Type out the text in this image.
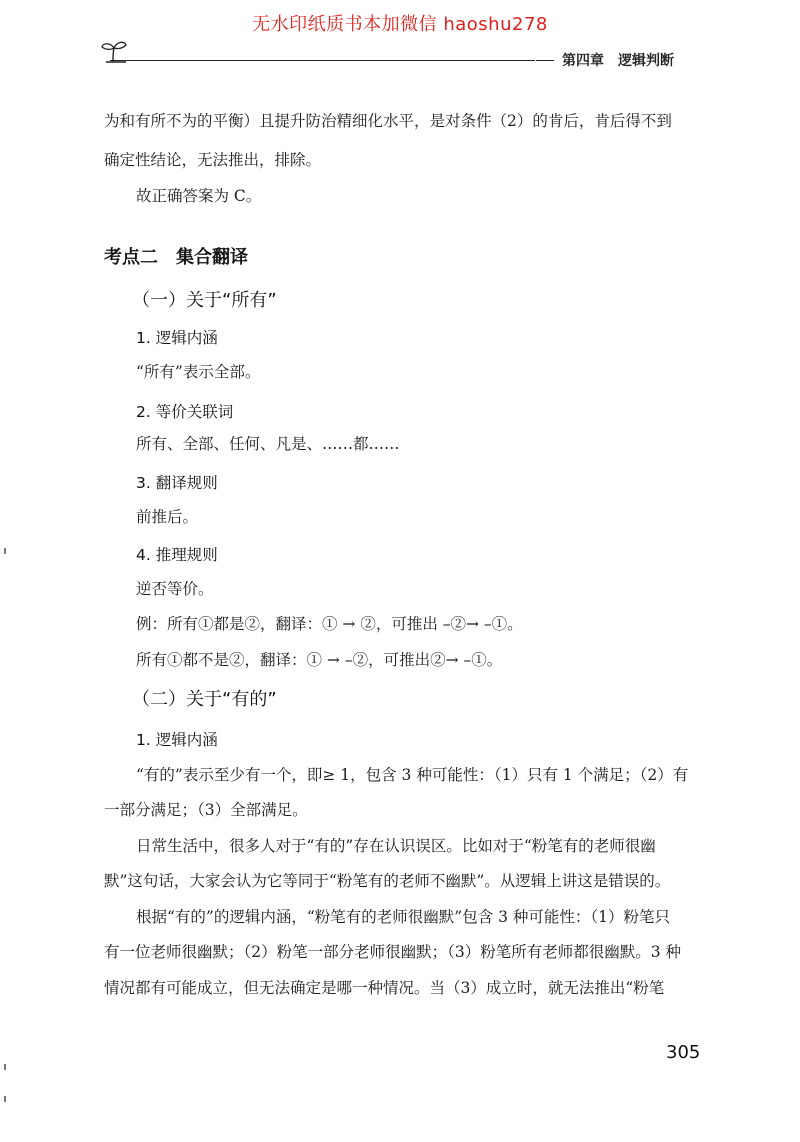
无水印纸质书本加微信 haoshu278
第四章 逻辑判断
为和有所不为的平衡）且提升防治精细化水平，是对条件（2）的肯后，肯后得不到
确定性结论，无法推出，排除。
故正确答案为 C。
考点二 集合翻译
（一）关于“所有”
1. 逻辑内涵
“所有”表示全部。
2. 等价关联词
所有、全部、任何、凡是、……都……
3. 翻译规则
前推后。
4. 推理规则
逆否等价。
例：所有①都是②，翻译：① → ②，可推出 –②→ –①。
所有①都不是②，翻译：① → –②，可推出②→ –①。
（二）关于“有的”
1. 逻辑内涵
“有的”表示至少有一个，即≥ 1，包含 3 种可能性：（1）只有 1 个满足；（2）有
一部分满足；（3）全部满足。
日常生活中，很多人对于“有的”存在认识误区。比如对于“粉笔有的老师很幽
默”这句话，大家会认为它等同于“粉笔有的老师不幽默”。从逻辑上讲这是错误的。
根据“有的”的逻辑内涵，“粉笔有的老师很幽默”包含 3 种可能性：（1）粉笔只
有一位老师很幽默；（2）粉笔一部分老师很幽默；（3）粉笔所有老师都很幽默。3 种
情况都有可能成立，但无法确定是哪一种情况。当（3）成立时，就无法推出“粉笔
305
